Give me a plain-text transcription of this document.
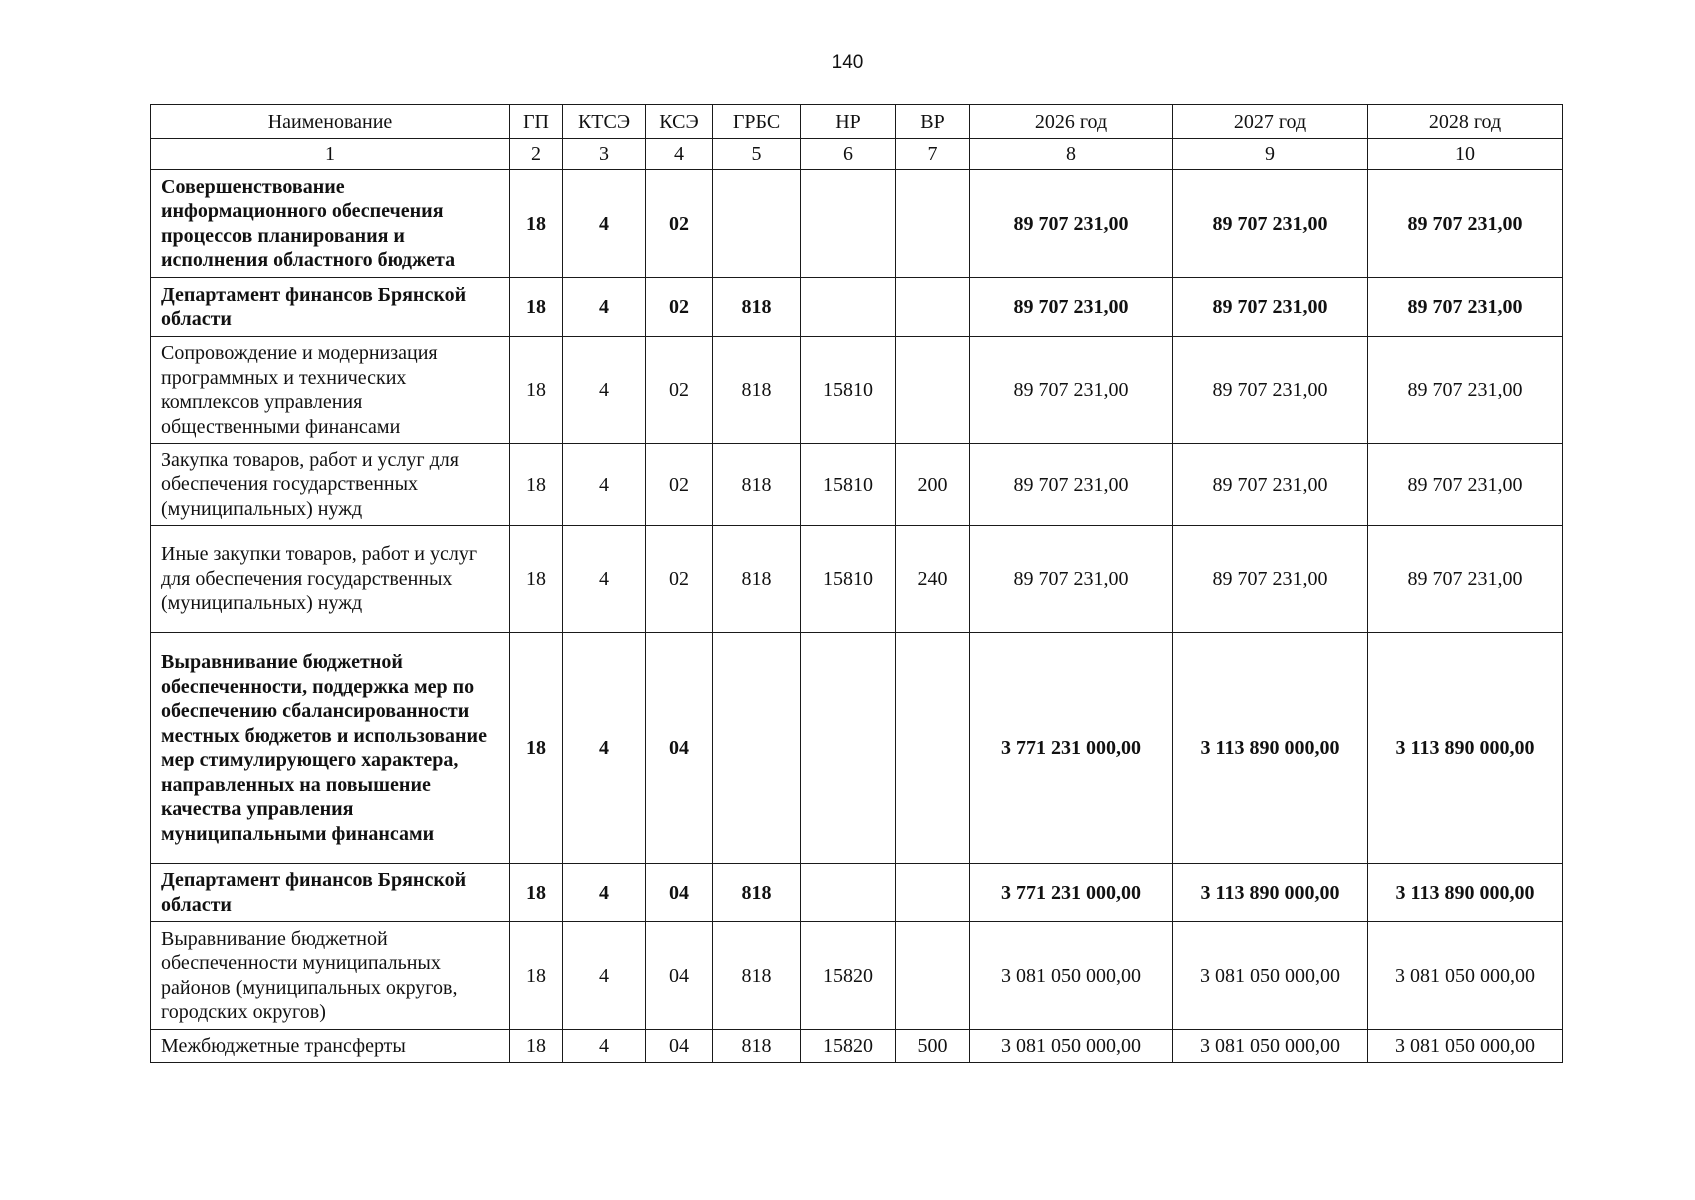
140
Наименование	ГП	КТСЭ	КСЭ	ГРБС	НР	ВР	2026 год	2027 год	2028 год
1	2	3	4	5	6	7	8	9	10
Совершенствование информационного обеспечения процессов планирования и исполнения областного бюджета	18	4	02				89 707 231,00	89 707 231,00	89 707 231,00
Департамент финансов Брянской области	18	4	02	818			89 707 231,00	89 707 231,00	89 707 231,00
Сопровождение и модернизация программных и технических комплексов управления общественными финансами	18	4	02	818	15810		89 707 231,00	89 707 231,00	89 707 231,00
Закупка товаров, работ и услуг для обеспечения государственных (муниципальных) нужд	18	4	02	818	15810	200	89 707 231,00	89 707 231,00	89 707 231,00
Иные закупки товаров, работ и услуг для обеспечения государственных (муниципальных) нужд	18	4	02	818	15810	240	89 707 231,00	89 707 231,00	89 707 231,00
Выравнивание бюджетной обеспеченности, поддержка мер по обеспечению сбалансированности местных бюджетов и использование мер стимулирующего характера, направленных на повышение качества управления муниципальными финансами	18	4	04				3 771 231 000,00	3 113 890 000,00	3 113 890 000,00
Департамент финансов Брянской области	18	4	04	818			3 771 231 000,00	3 113 890 000,00	3 113 890 000,00
Выравнивание бюджетной обеспеченности муниципальных районов (муниципальных округов, городских округов)	18	4	04	818	15820		3 081 050 000,00	3 081 050 000,00	3 081 050 000,00
Межбюджетные трансферты	18	4	04	818	15820	500	3 081 050 000,00	3 081 050 000,00	3 081 050 000,00
